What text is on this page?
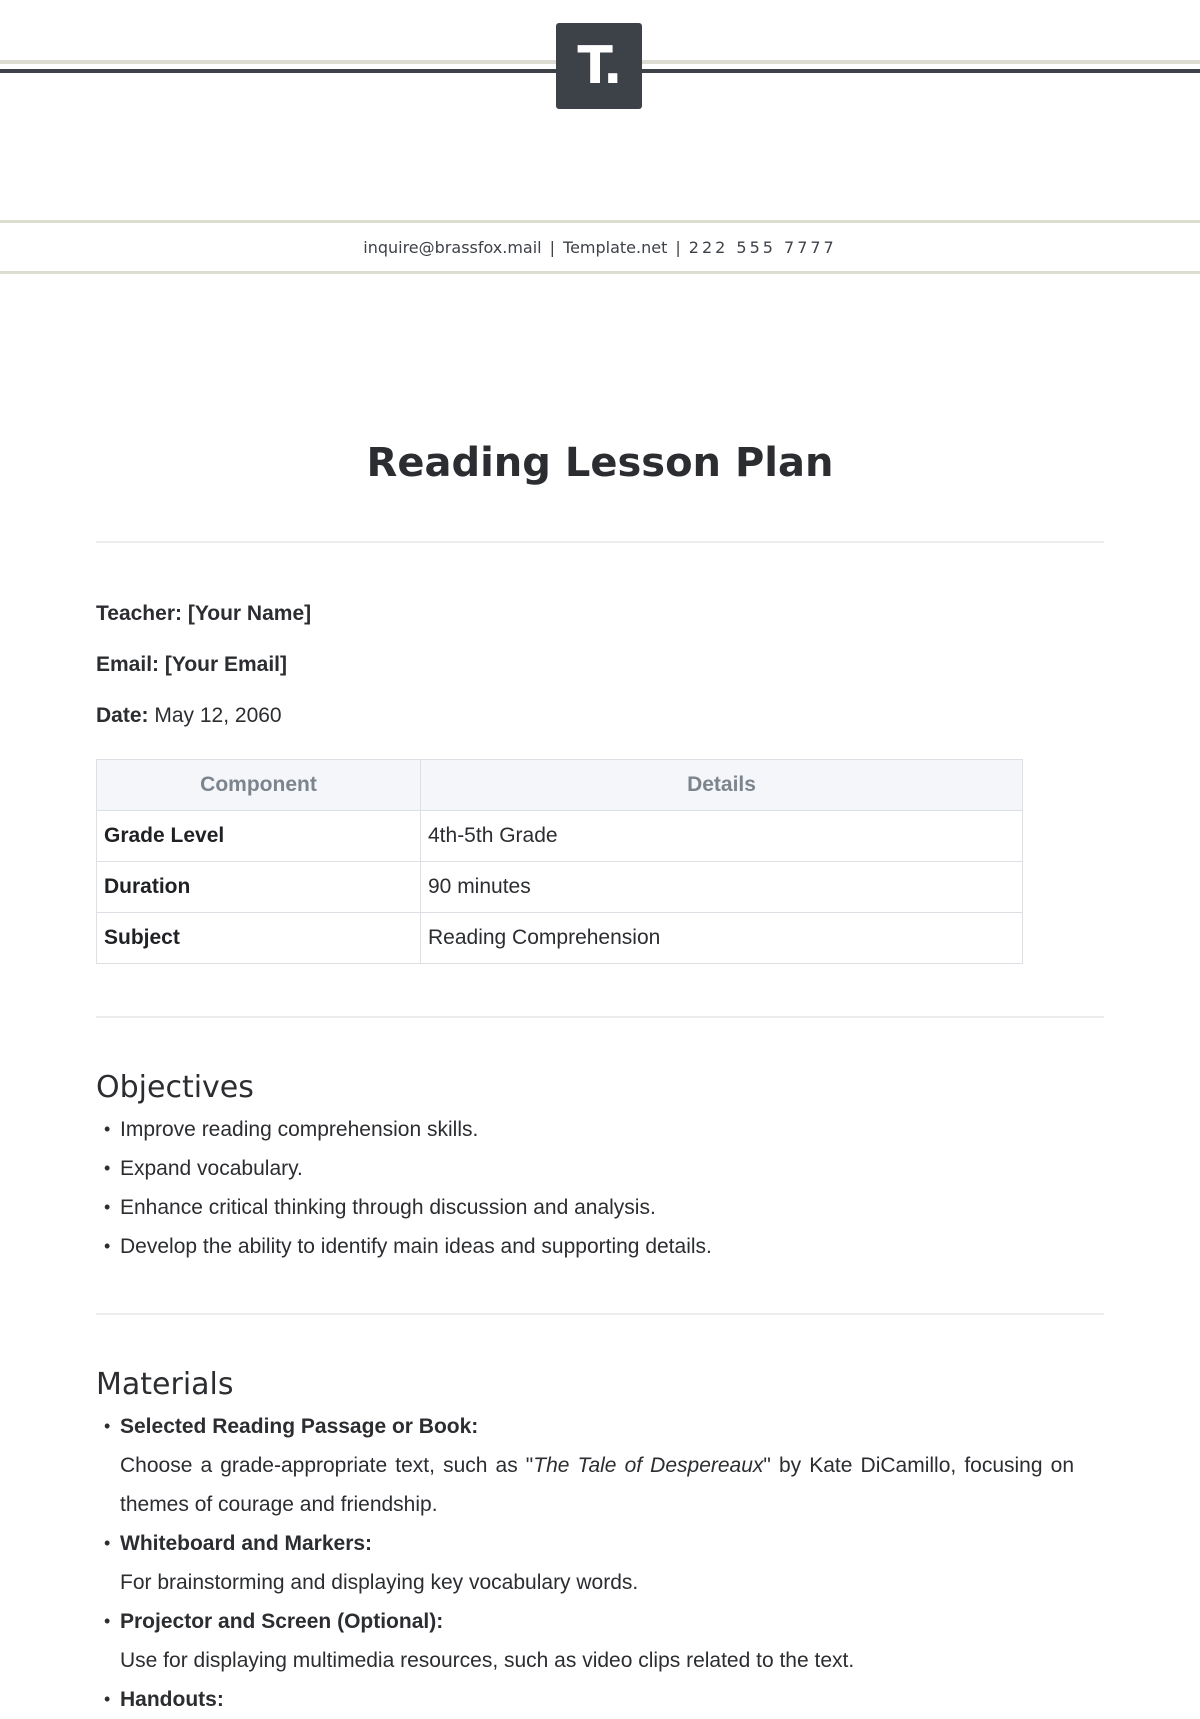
T.
inquire@brassfox.mail | Template.net | 222 555 7777
Reading Lesson Plan
Teacher: [Your Name]
Email: [Your Email]
Date: May 12, 2060
Component	Details
Grade Level	4th-5th Grade
Duration	90 minutes
Subject	Reading Comprehension
Objectives
• Improve reading comprehension skills.
• Expand vocabulary.
• Enhance critical thinking through discussion and analysis.
• Develop the ability to identify main ideas and supporting details.
Materials
• Selected Reading Passage or Book:
Choose a grade-appropriate text, such as "The Tale of Despereaux" by Kate DiCamillo, focusing on themes of courage and friendship.
• Whiteboard and Markers:
For brainstorming and displaying key vocabulary words.
• Projector and Screen (Optional):
Use for displaying multimedia resources, such as video clips related to the text.
• Handouts:
